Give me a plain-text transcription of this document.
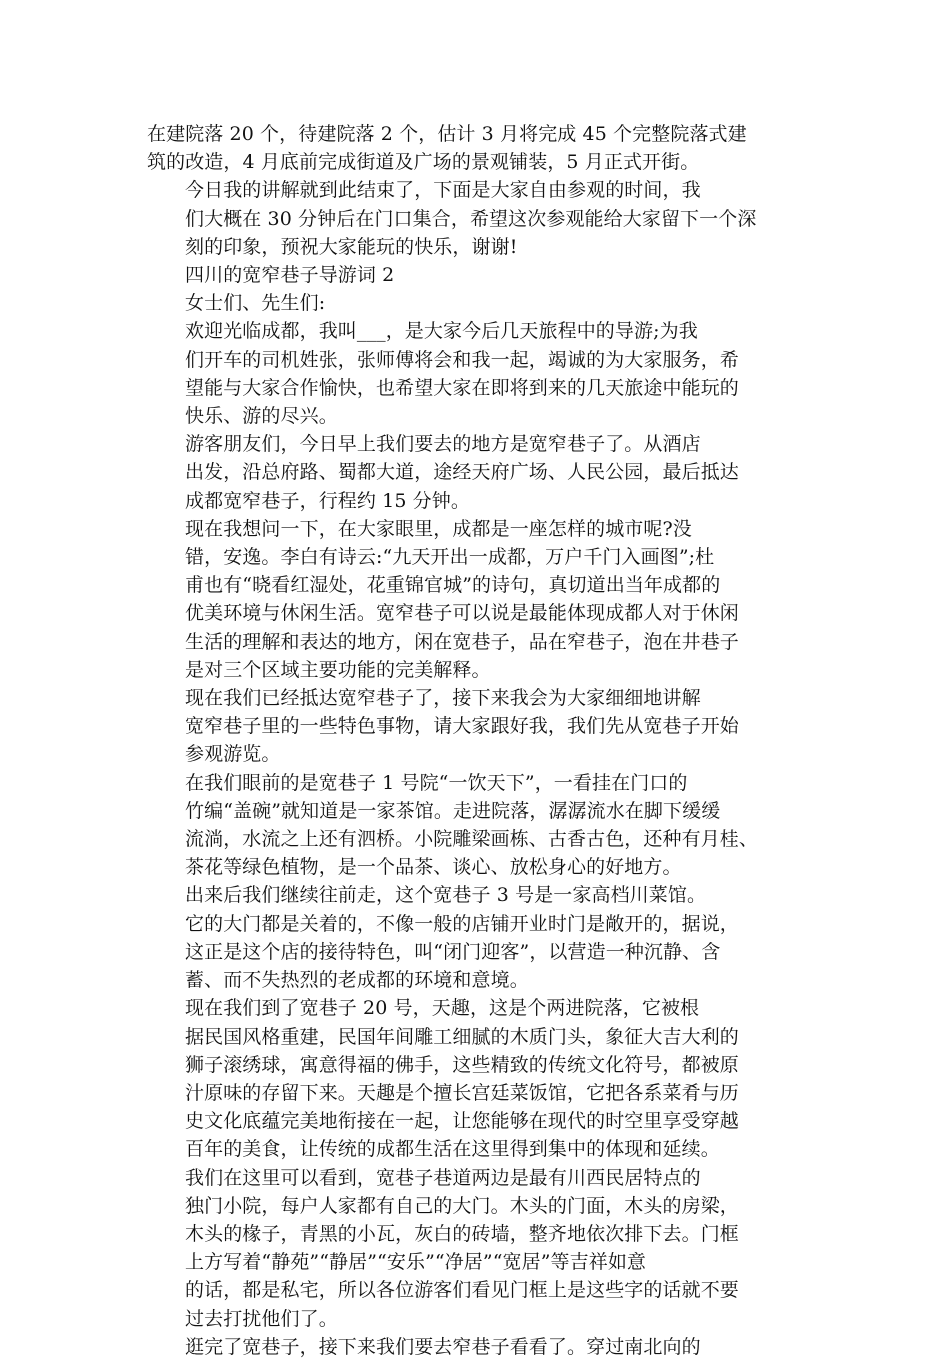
在建院落 20 个，待建院落 2 个，估计 3 月将完成 45 个完整院落式建
筑的改造，4 月底前完成街道及广场的景观铺装，5 月正式开街。
今日我的讲解就到此结束了，下面是大家自由参观的时间，我
们大概在 30 分钟后在门口集合，希望这次参观能给大家留下一个深
刻的印象，预祝大家能玩的快乐，谢谢!
四川的宽窄巷子导游词 2
女士们、先生们:
欢迎光临成都，我叫___，是大家今后几天旅程中的导游;为我
们开车的司机姓张，张师傅将会和我一起，竭诚的为大家服务，希
望能与大家合作愉快，也希望大家在即将到来的几天旅途中能玩的
快乐、游的尽兴。
游客朋友们，今日早上我们要去的地方是宽窄巷子了。从酒店
出发，沿总府路、蜀都大道，途经天府广场、人民公园，最后抵达
成都宽窄巷子，行程约 15 分钟。
现在我想问一下，在大家眼里，成都是一座怎样的城市呢?没
错，安逸。李白有诗云:“九天开出一成都，万户千门入画图”;杜
甫也有“晓看红湿处，花重锦官城”的诗句，真切道出当年成都的
优美环境与休闲生活。宽窄巷子可以说是最能体现成都人对于休闲
生活的理解和表达的地方，闲在宽巷子，品在窄巷子，泡在井巷子
是对三个区域主要功能的完美解释。
现在我们已经抵达宽窄巷子了，接下来我会为大家细细地讲解
宽窄巷子里的一些特色事物，请大家跟好我，我们先从宽巷子开始
参观游览。
在我们眼前的是宽巷子 1 号院“一饮天下”，一看挂在门口的
竹编“盖碗”就知道是一家茶馆。走进院落，潺潺流水在脚下缓缓
流淌，水流之上还有泗桥。小院雕梁画栋、古香古色，还种有月桂、
茶花等绿色植物，是一个品茶、谈心、放松身心的好地方。
出来后我们继续往前走，这个宽巷子 3 号是一家高档川菜馆。
它的大门都是关着的，不像一般的店铺开业时门是敞开的，据说，
这正是这个店的接待特色，叫“闭门迎客”，以营造一种沉静、含
蓄、而不失热烈的老成都的环境和意境。
现在我们到了宽巷子 20 号，天趣，这是个两进院落，它被根
据民国风格重建，民国年间雕工细腻的木质门头，象征大吉大利的
狮子滚绣球，寓意得福的佛手，这些精致的传统文化符号，都被原
汁原味的存留下来。天趣是个擅长宫廷菜饭馆，它把各系菜肴与历
史文化底蕴完美地衔接在一起，让您能够在现代的时空里享受穿越
百年的美食，让传统的成都生活在这里得到集中的体现和延续。
我们在这里可以看到，宽巷子巷道两边是最有川西民居特点的
独门小院，每户人家都有自己的大门。木头的门面，木头的房梁，
木头的椽子，青黑的小瓦，灰白的砖墙，整齐地依次排下去。门框
上方写着“静苑”“静居”“安乐”“净居”“宽居”等吉祥如意
的话，都是私宅，所以各位游客们看见门框上是这些字的话就不要
过去打扰他们了。
逛完了宽巷子，接下来我们要去窄巷子看看了。穿过南北向的
